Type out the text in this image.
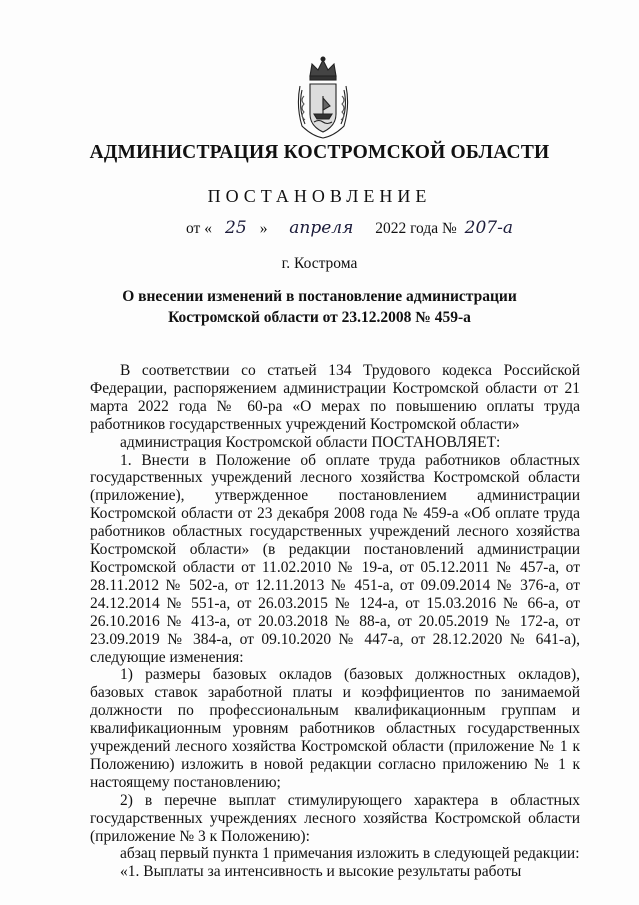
АДМИНИСТРАЦИЯ КОСТРОМСКОЙ ОБЛАСТИ
ПОСТАНОВЛЕНИЕ
от « 25 » апреля 2022 года № 207-а
г. Кострома
О внесении изменений в постановление администрации
Костромской области от 23.12.2008 № 459-а

В соответствии со статьей 134 Трудового кодекса Российской Федерации, распоряжением администрации Костромской области от 21 марта 2022 года № 60-ра «О мерах по повышению оплаты труда работников государственных учреждений Костромской области»

администрация Костромской области ПОСТАНОВЛЯЕТ:

1. Внести в Положение об оплате труда работников областных государственных учреждений лесного хозяйства Костромской области (приложение), утвержденное постановлением администрации Костромской области от 23 декабря 2008 года № 459-а «Об оплате труда работников областных государственных учреждений лесного хозяйства Костромской области» (в редакции постановлений администрации Костромской области от 11.02.2010 № 19-а, от 05.12.2011 № 457-а, от 28.11.2012 № 502-а, от 12.11.2013 № 451-а, от 09.09.2014 № 376-а, от 24.12.2014 № 551-а, от 26.03.2015 № 124-а, от 15.03.2016 № 66-а, от 26.10.2016 № 413-а, от 20.03.2018 № 88-а, от 20.05.2019 № 172-а, от 23.09.2019 № 384-а, от 09.10.2020 № 447-а, от 28.12.2020 № 641-а), следующие изменения:

1) размеры базовых окладов (базовых должностных окладов), базовых ставок заработной платы и коэффициентов по занимаемой должности по профессиональным квалификационным группам и квалификационным уровням работников областных государственных учреждений лесного хозяйства Костромской области (приложение № 1 к Положению) изложить в новой редакции согласно приложению № 1 к настоящему постановлению;

2) в перечне выплат стимулирующего характера в областных государственных учреждениях лесного хозяйства Костромской области (приложение № 3 к Положению):

абзац первый пункта 1 примечания изложить в следующей редакции:

«1. Выплаты за интенсивность и высокие результаты работы
